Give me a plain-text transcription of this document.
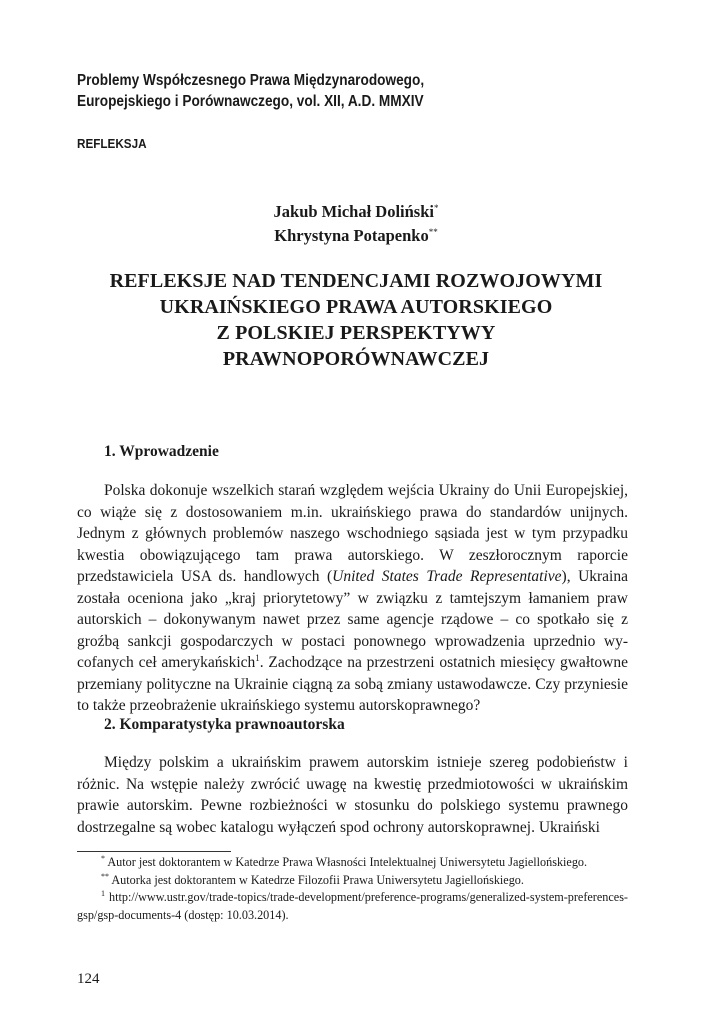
Problemy Współczesnego Prawa Międzynarodowego,
Europejskiego i Porównawczego, vol. XII, A.D. MMXIV
REFLEKSJA
Jakub Michał Doliński*
Khrystyna Potapenko**
REFLEKSJE NAD TENDENCJAMI ROZWOJOWYMI
UKRAIŃSKIEGO PRAWA AUTORSKIEGO
Z POLSKIEJ PERSPEKTYWY
PRAWNOPORÓWNAWCZEJ
1. Wprowadzenie

Polska dokonuje wszelkich starań względem wejścia Ukrainy do Unii Europejskiej, co wiąże się z dostosowaniem m.in. ukraińskiego prawa do standardów unijnych. Jednym z głównych problemów naszego wschodniego sąsiada jest w tym przypadku kwestia obowiązującego tam prawa autorskiego. W zeszłorocznym raporcie przedstawiciela USA ds. handlowych (United States Trade Representative), Ukraina została oceniona jako „kraj priorytetowy” w związku z tamtejszym łamaniem praw autorskich – dokonywanym nawet przez same agencje rządowe – co spotkało się z groźbą sankcji gospodarczych w postaci ponownego wprowadzenia uprzednio wycofanych ceł amerykańskich$^1$. Zachodzące na przestrzeni ostatnich miesięcy gwałtowne przemiany polityczne na Ukrainie ciągną za sobą zmiany ustawodawcze. Czy przyniesie to także przeobrażenie ukraińskiego systemu autorskoprawnego?

2. Komparatystyka prawnoautorska

Między polskim a ukraińskim prawem autorskim istnieje szereg podobieństw i różnic. Na wstępie należy zwrócić uwagę na kwestię przedmiotowości w ukraińskim prawie autorskim. Pewne rozbieżności w stosunku do polskiego systemu prawnego dostrzegalne są wobec katalogu wyłączeń spod ochrony autorskoprawnej. Ukraiński

* Autor jest doktorantem w Katedrze Prawa Własności Intelektualnej Uniwersytetu Jagiellońskiego.

** Autorka jest doktorantem w Katedrze Filozofii Prawa Uniwersytetu Jagiellońskiego.

$^1$ http://www.ustr.gov/trade-topics/trade-development/preference-programs/generalized-system-preferences-gsp/gsp-documents-4 (dostęp: 10.03.2014).

124
